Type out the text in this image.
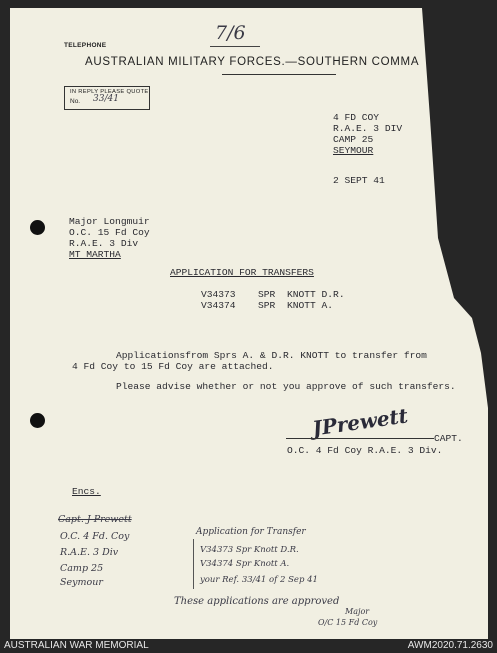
7/6
TELEPHONE
AUSTRALIAN MILITARY FORCES.—SOUTHERN COMMA
IN REPLY PLEASE QUOTE
No. 33/41
4 FD COY
R.A.E. 3 DIV
CAMP 25
SEYMOUR
2 SEPT 41
Major Longmuir
O.C. 15 Fd Coy
R.A.E. 3 Div
MT MARTHA
APPLICATION FOR TRANSFERS
V34373 SPR KNOTT D.R.
V34374 SPR KNOTT A.
Applicationsfrom Sprs A. & D.R. KNOTT to transfer from
4 Fd Coy to 15 Fd Coy are attached.
Please advise whether or not you approve of such transfers.
JPrewett	CAPT.
O.C. 4 Fd Coy R.A.E. 3 Div.
Encs.
Capt. J Prewett
O.C. 4 Fd. Coy
R.A.E. 3 Div
Camp 25
Seymour
Application for Transfer
V34373 Spr Knott D.R.
V34374 Spr Knott A.
your Ref. 33/41 of 2 Sep 41
These applications are approved
Major
O/C 15 Fd Coy
AUSTRALIAN WAR MEMORIAL	AWM2020.71.2630
